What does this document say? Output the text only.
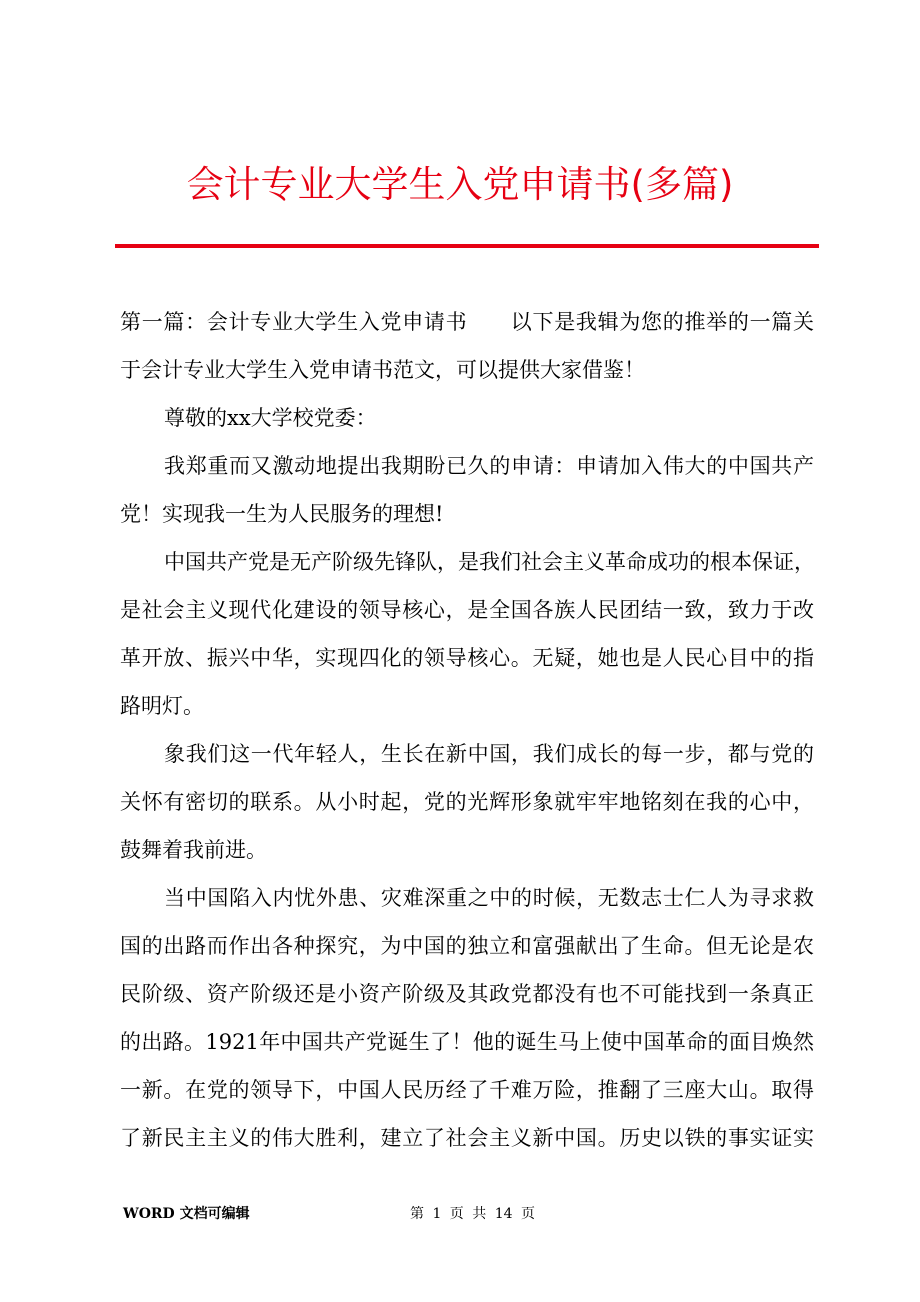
会计专业大学生入党申请书(多篇)
第一篇：会计专业大学生入党申请书　　以下是我辑为您的推举的一篇关
于会计专业大学生入党申请书范文，可以提供大家借鉴！
尊敬的xx大学校党委：
我郑重而又激动地提出我期盼已久的申请：申请加入伟大的中国共产
党！实现我一生为人民服务的理想!
中国共产党是无产阶级先锋队，是我们社会主义革命成功的根本保证，
是社会主义现代化建设的领导核心，是全国各族人民团结一致，致力于改
革开放、振兴中华，实现四化的领导核心。无疑，她也是人民心目中的指
路明灯。
象我们这一代年轻人，生长在新中国，我们成长的每一步，都与党的
关怀有密切的联系。从小时起，党的光辉形象就牢牢地铭刻在我的心中，
鼓舞着我前进。
当中国陷入内忧外患、灾难深重之中的时候，无数志士仁人为寻求救
国的出路而作出各种探究，为中国的独立和富强献出了生命。但无论是农
民阶级、资产阶级还是小资产阶级及其政党都没有也不可能找到一条真正
的出路。1921年中国共产党诞生了！他的诞生马上使中国革命的面目焕然
一新。在党的领导下，中国人民历经了千难万险，推翻了三座大山。取得
了新民主主义的伟大胜利，建立了社会主义新中国。历史以铁的事实证实
WORD 文档可编辑	第 1 页 共 14 页
